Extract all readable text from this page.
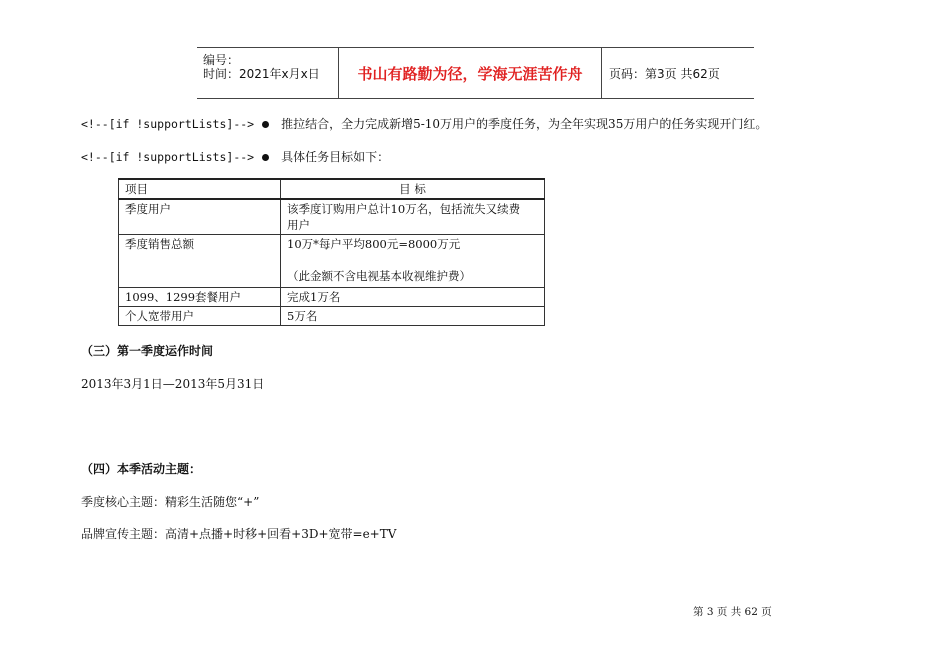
编号：
时间：2021年x月x日	书山有路勤为径，学海无涯苦作舟	页码：第3页 共62页
<!--[if !supportLists]--> 推拉结合，全力完成新增5-10万用户的季度任务，为全年实现35万用户的任务实现开门红。
<!--[if !supportLists]--> 具体任务目标如下：
项目	目 标
季度用户	该季度订购用户总计10万名，包括流失又续费
用户

季度销售总额	10万*每户平均800元=8000万元
（此金额不含电视基本收视维护费）

1099、1299套餐用户	完成1万名

个人宽带用户	5万名
（三）第一季度运作时间
2013年3月1日—2013年5月31日
（四）本季活动主题：
季度核心主题：精彩生活随您“+”
品牌宣传主题：高清+点播+时移+回看+3D+宽带=e+TV
第 3 页 共 62 页
